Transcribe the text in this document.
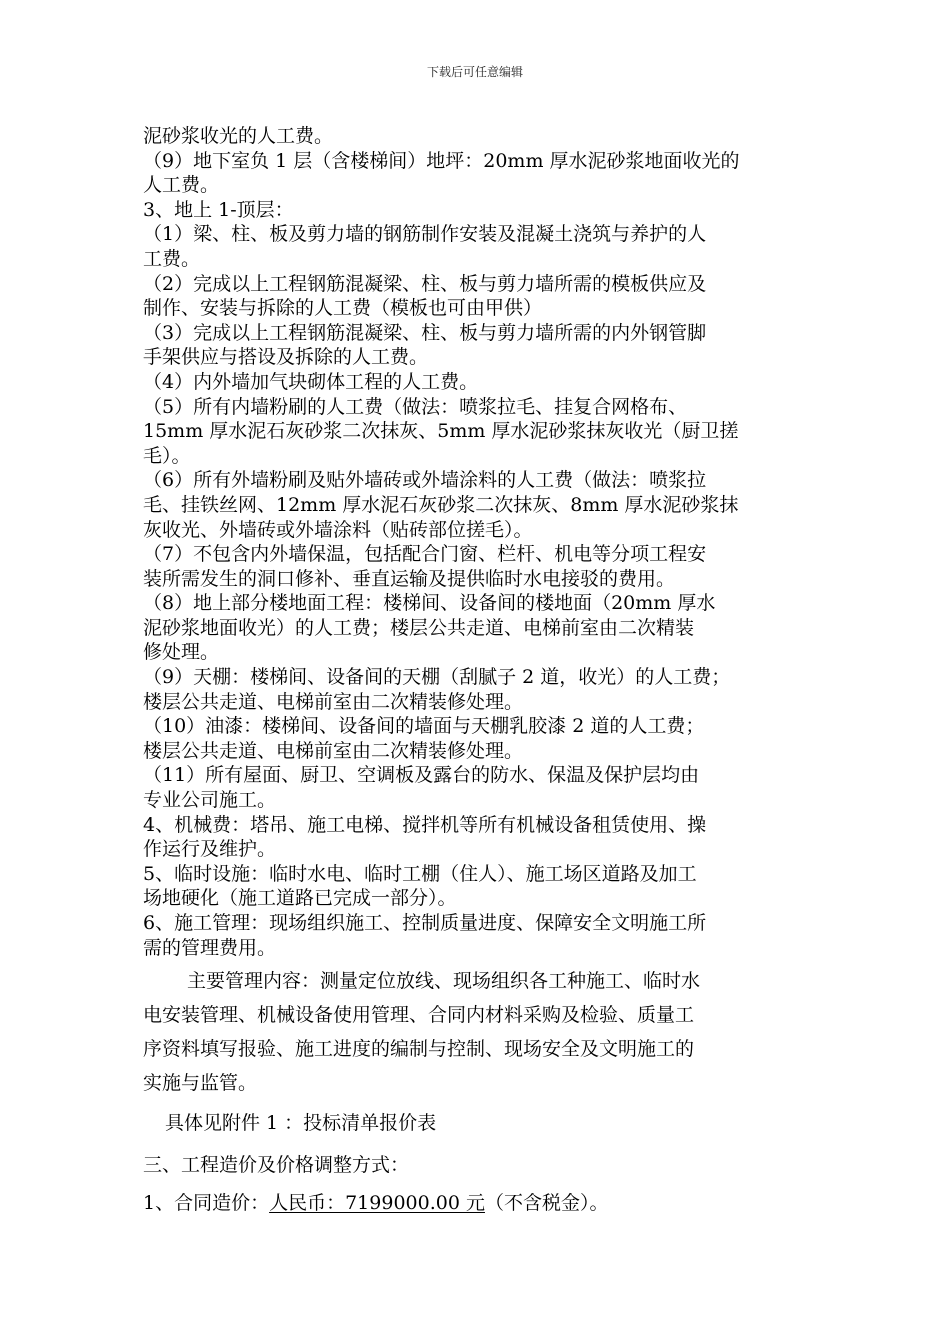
下载后可任意编辑
泥砂浆收光的人工费。
（9）地下室负 1 层（含楼梯间）地坪：20mm 厚水泥砂浆地面收光的
人工费。
3、地上 1-顶层：
（1）梁、柱、板及剪力墙的钢筋制作安装及混凝土浇筑与养护的人
工费。
（2）完成以上工程钢筋混凝梁、柱、板与剪力墙所需的模板供应及
制作、安装与拆除的人工费（模板也可由甲供）
（3）完成以上工程钢筋混凝梁、柱、板与剪力墙所需的内外钢管脚
手架供应与搭设及拆除的人工费。
（4）内外墙加气块砌体工程的人工费。
（5）所有内墙粉刷的人工费（做法：喷浆拉毛、挂复合网格布、
15mm 厚水泥石灰砂浆二次抹灰、5mm 厚水泥砂浆抹灰收光（厨卫搓
毛）。
（6）所有外墙粉刷及贴外墙砖或外墙涂料的人工费（做法：喷浆拉
毛、挂铁丝网、12mm 厚水泥石灰砂浆二次抹灰、8mm 厚水泥砂浆抹
灰收光、外墙砖或外墙涂料（贴砖部位搓毛）。
（7）不包含内外墙保温，包括配合门窗、栏杆、机电等分项工程安
装所需发生的洞口修补、垂直运输及提供临时水电接驳的费用。
（8）地上部分楼地面工程：楼梯间、设备间的楼地面（20mm 厚水
泥砂浆地面收光）的人工费；楼层公共走道、电梯前室由二次精装
修处理。
（9）天棚：楼梯间、设备间的天棚（刮腻子 2 道，收光）的人工费；
楼层公共走道、电梯前室由二次精装修处理。
（10）油漆：楼梯间、设备间的墙面与天棚乳胶漆 2 道的人工费；
楼层公共走道、电梯前室由二次精装修处理。
（11）所有屋面、厨卫、空调板及露台的防水、保温及保护层均由
专业公司施工。
4、机械费：塔吊、施工电梯、搅拌机等所有机械设备租赁使用、操
作运行及维护。
5、临时设施：临时水电、临时工棚（住人）、施工场区道路及加工
场地硬化（施工道路已完成一部分）。
6、施工管理：现场组织施工、控制质量进度、保障安全文明施工所
需的管理费用。
主要管理内容：测量定位放线、现场组织各工种施工、临时水
电安装管理、机械设备使用管理、合同内材料采购及检验、质量工
序资料填写报验、施工进度的编制与控制、现场安全及文明施工的
实施与监管。
具体见附件 1 ：投标清单报价表
三、工程造价及价格调整方式：
1、合同造价：人民币：7199000.00 元（不含税金）。
